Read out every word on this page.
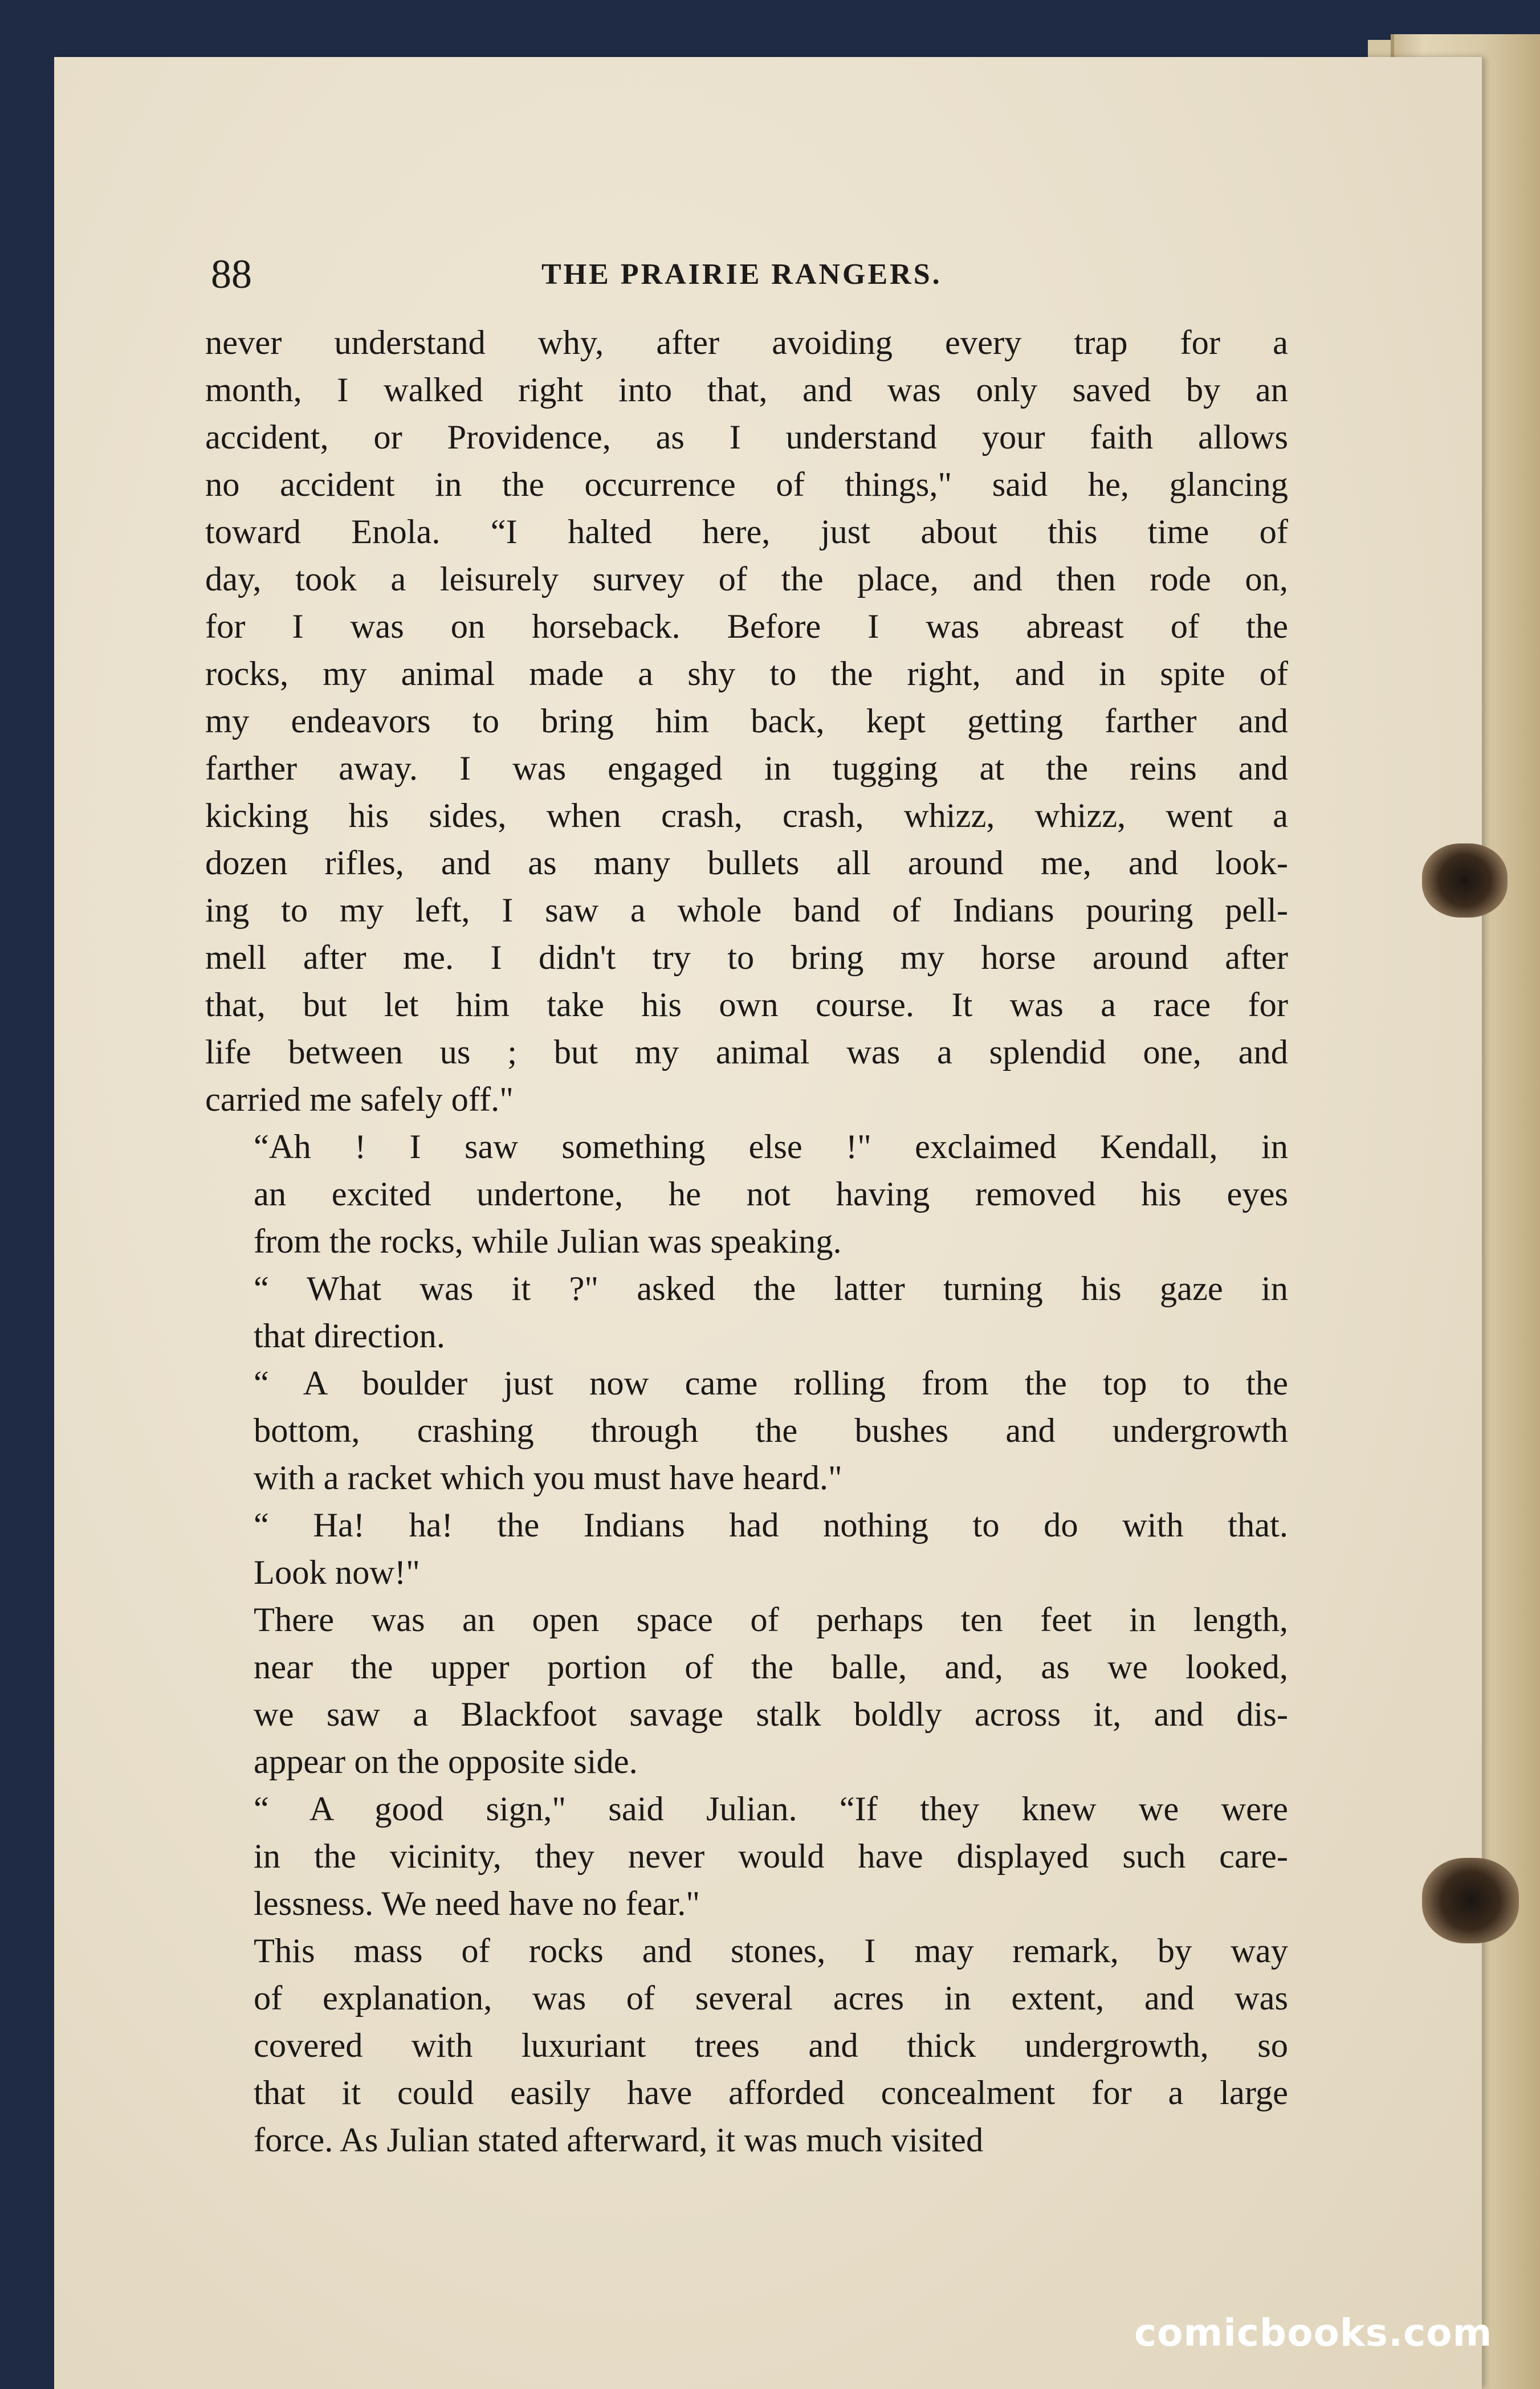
88	THE PRAIRIE RANGERS.

never understand why, after avoiding every trap for a
month, I walked right into that, and was only saved by an
accident, or Providence, as I understand your faith allows
no accident in the occurrence of things," said he, glancing
toward Enola. “I halted here, just about this time of
day, took a leisurely survey of the place, and then rode on,
for I was on horseback. Before I was abreast of the
rocks, my animal made a shy to the right, and in spite of
my endeavors to bring him back, kept getting farther and
farther away. I was engaged in tugging at the reins and
kicking his sides, when crash, crash, whizz, whizz, went a
dozen rifles, and as many bullets all around me, and look-
ing to my left, I saw a whole band of Indians pouring pell-
mell after me. I didn't try to bring my horse around after
that, but let him take his own course. It was a race for
life between us ; but my animal was a splendid one, and
carried me safely off."

“Ah ! I saw something else !" exclaimed Kendall, in
an excited undertone, he not having removed his eyes
from the rocks, while Julian was speaking.

“ What was it ?" asked the latter turning his gaze in
that direction.

“ A boulder just now came rolling from the top to the
bottom, crashing through the bushes and undergrowth
with a racket which you must have heard."

“ Ha! ha! the Indians had nothing to do with that.
Look now!"

There was an open space of perhaps ten feet in length,
near the upper portion of the balle, and, as we looked,
we saw a Blackfoot savage stalk boldly across it, and dis-
appear on the opposite side.

“ A good sign," said Julian. “If they knew we were
in the vicinity, they never would have displayed such care-
lessness. We need have no fear."

This mass of rocks and stones, I may remark, by way
of explanation, was of several acres in extent, and was
covered with luxuriant trees and thick undergrowth, so
that it could easily have afforded concealment for a large
force. As Julian stated afterward, it was much visited

comicbooks.com
